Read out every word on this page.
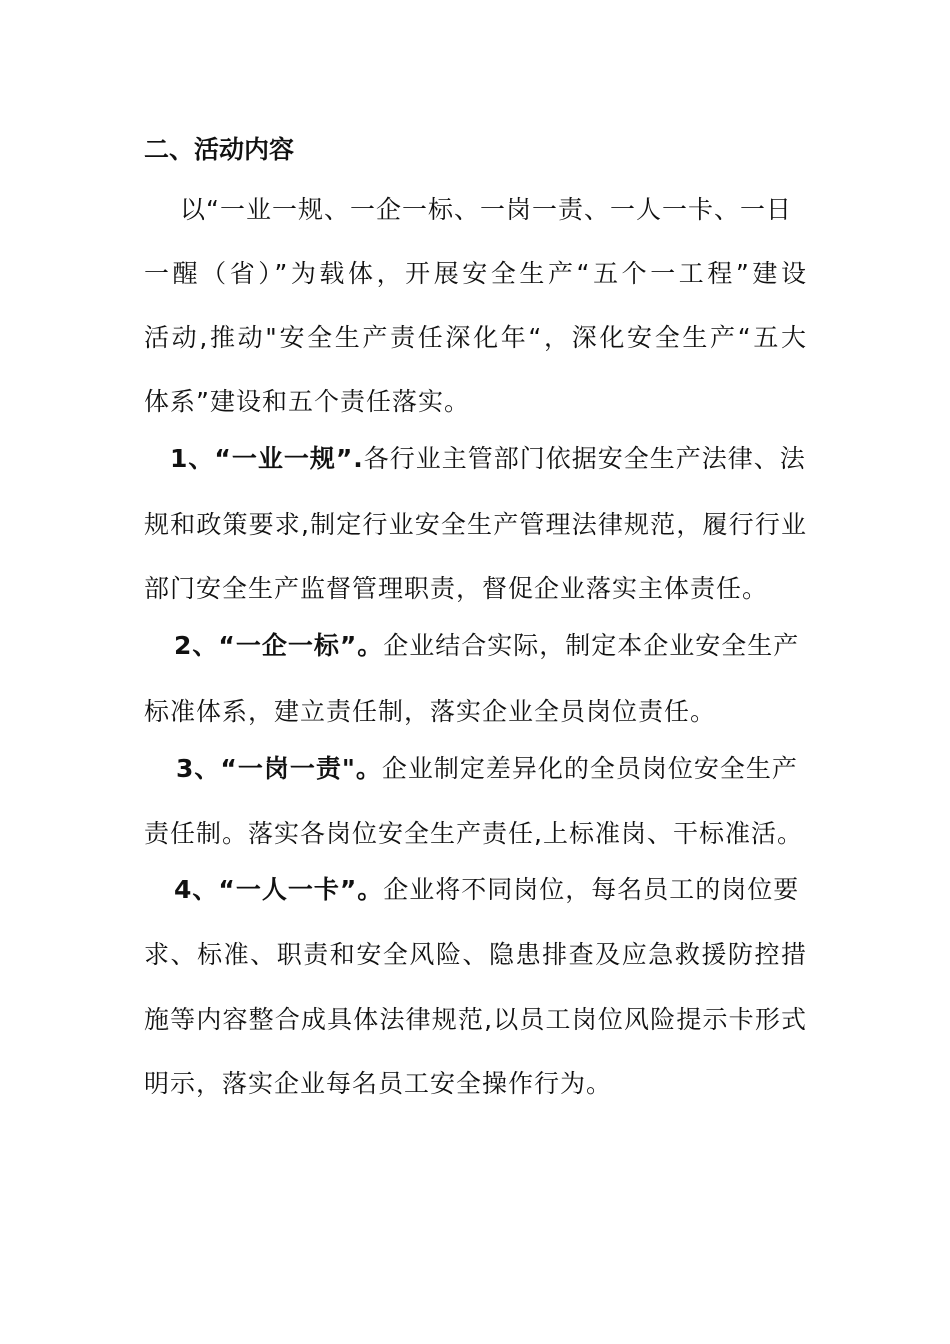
二、活动内容
以“一业一规、一企一标、一岗一责、一人一卡、一日
一醒（省）”为载体，开展安全生产“五个一工程”建设
活动,推动"安全生产责任深化年“，深化安全生产“五大
体系”建设和五个责任落实。
1、“一业一规”.各行业主管部门依据安全生产法律、法
规和政策要求,制定行业安全生产管理法律规范，履行行业
部门安全生产监督管理职责，督促企业落实主体责任。
2、“一企一标”。企业结合实际，制定本企业安全生产
标准体系，建立责任制，落实企业全员岗位责任。
3、“一岗一责"。企业制定差异化的全员岗位安全生产
责任制。落实各岗位安全生产责任,上标准岗、干标准活。
4、“一人一卡”。企业将不同岗位，每名员工的岗位要
求、标准、职责和安全风险、隐患排查及应急救援防控措
施等内容整合成具体法律规范,以员工岗位风险提示卡形式
明示，落实企业每名员工安全操作行为。
